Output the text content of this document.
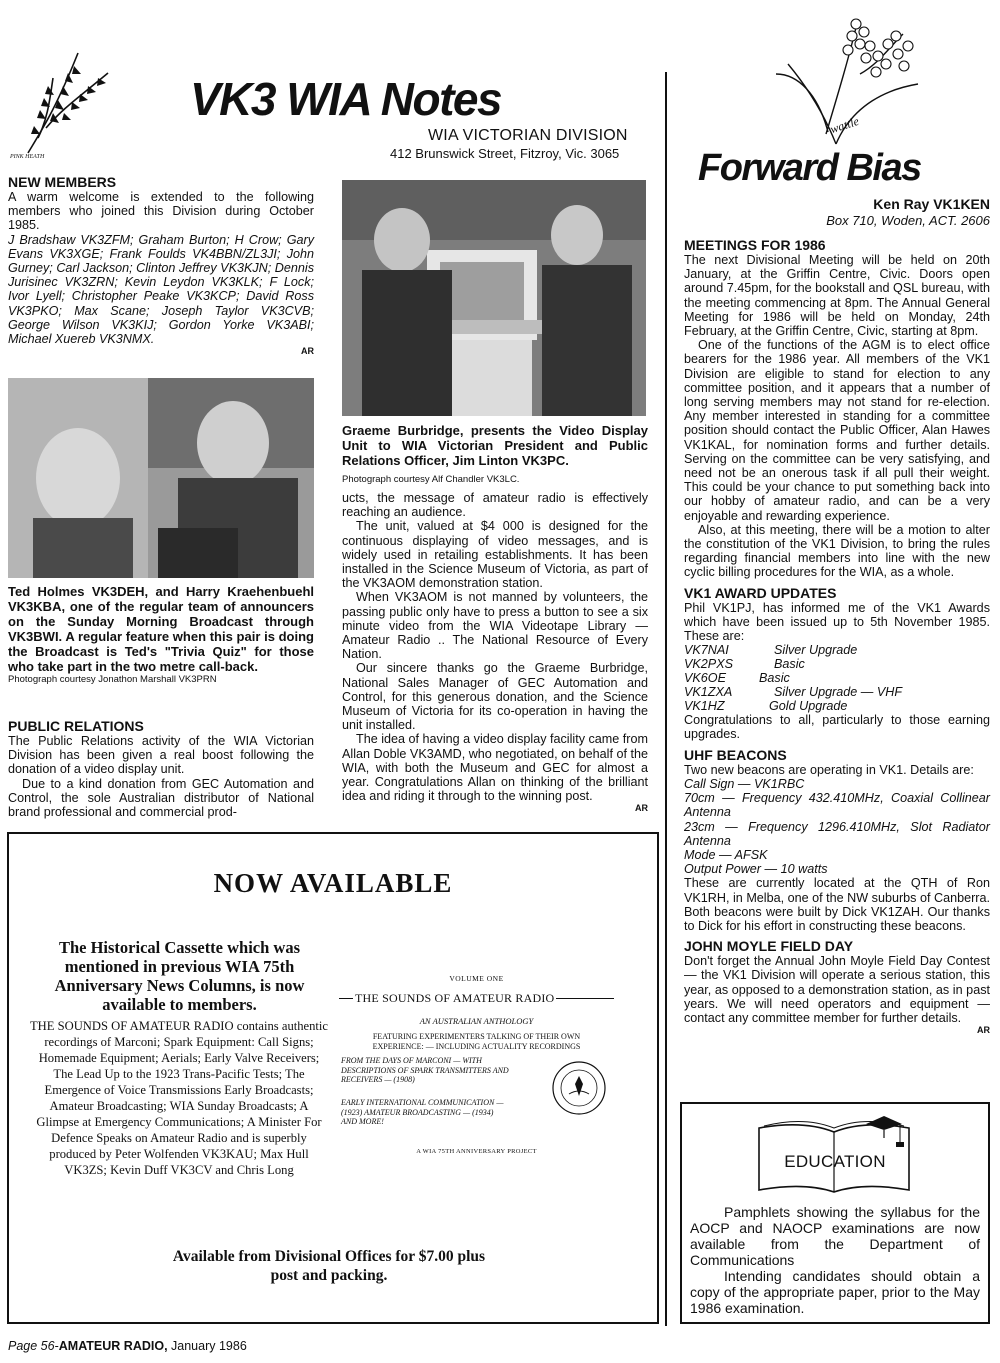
PINK HEATH
VK3 WIA Notes
WIA VICTORIAN DIVISION
412 Brunswick Street, Fitzroy, Vic. 3065
NEW MEMBERS

A warm welcome is extended to the following members who joined this Division during October 1985.

J Bradshaw VK3ZFM; Graham Burton; H Crow; Gary Evans VK3XGE; Frank Foulds VK4BBN/ZL3JI; John Gurney; Carl Jackson; Clinton Jeffrey VK3KJN; Dennis Jurisinec VK3ZRN; Kevin Leydon VK3KLK; F Lock; Ivor Lyell; Christopher Peake VK3KCP; David Ross VK3PKO; Max Scane; Joseph Taylor VK3CVB; George Wilson VK3KIJ; Gordon Yorke VK3ABI; Michael Xuereb VK3NMX.

AR

Ted Holmes VK3DEH, and Harry Kraehenbuehl VK3KBA, one of the regular team of announcers on the Sunday Morning Broadcast through VK3BWI. A regular feature when this pair is doing the Broadcast is Ted's "Trivia Quiz" for those who take part in the two metre call-back.

Photograph courtesy Jonathon Marshall VK3PRN

PUBLIC RELATIONS

The Public Relations activity of the WIA Victorian Division has been given a real boost following the donation of a video display unit.

Due to a kind donation from GEC Automation and Control, the sole Australian distributor of National brand professional and commercial prod-

Graeme Burbridge, presents the Video Display Unit to WIA Victorian President and Public Relations Officer, Jim Linton VK3PC.

Photograph courtesy Alf Chandler VK3LC.

ucts, the message of amateur radio is effectively reaching an audience.

The unit, valued at $4 000 is designed for the continuous displaying of video messages, and is widely used in retailing establishments. It has been installed in the Science Museum of Victoria, as part of the VK3AOM demonstration station.

When VK3AOM is not manned by volunteers, the passing public only have to press a button to see a six minute video from the WIA Videotape Library — Amateur Radio .. The National Resource of Every Nation.

Our sincere thanks go the Graeme Burbridge, National Sales Manager of GEC Automation and Control, for this generous donation, and the Science Museum of Victoria for its co-operation in having the unit installed.

The idea of having a video display facility came from Allan Doble VK3AMD, who negotiated, on behalf of the WIA, with both the Museum and GEC for almost a year. Congratulations Allan on thinking of the brilliant idea and riding it through to the winning post.

AR
NOW AVAILABLE
The Historical Cassette which was mentioned in previous WIA 75th Anniversary News Columns, is now available to members.
THE SOUNDS OF AMATEUR RADIO contains authentic recordings of Marconi; Spark Equipment: Call Signs; Homemade Equipment; Aerials; Early Valve Receivers; The Lead Up to the 1923 Trans-Pacific Tests; The Emergence of Voice Transmissions Early Broadcasts; Amateur Broadcasting; WIA Sunday Broadcasts; A Glimpse at Emergency Communications; A Minister For Defence Speaks on Amateur Radio and is superbly produced by Peter Wolfenden VK3KAU; Max Hull VK3ZS; Kevin Duff VK3CV and Chris Long
Available from Divisional Offices for $7.00 plus post and packing.
VOLUME ONE
THE SOUNDS OF AMATEUR RADIO
AN AUSTRALIAN ANTHOLOGY
FEATURING EXPERIMENTERS TALKING OF THEIR OWN EXPERIENCE: — INCLUDING ACTUALITY RECORDINGS
FROM THE DAYS OF MARCONI — WITH DESCRIPTIONS OF SPARK TRANSMITTERS AND RECEIVERS — (1908)
EARLY INTERNATIONAL COMMUNICATION — (1923) AMATEUR BROADCASTING — (1934) AND MORE!
A WIA 75TH ANNIVERSARY PROJECT
wattle
Forward Bias
Ken Ray VK1KEN
Box 710, Woden, ACT. 2606
MEETINGS FOR 1986

The next Divisional Meeting will be held on 20th January, at the Griffin Centre, Civic. Doors open around 7.45pm, for the bookstall and QSL bureau, with the meeting commencing at 8pm. The Annual General Meeting for 1986 will be held on Monday, 24th February, at the Griffin Centre, Civic, starting at 8pm.

One of the functions of the AGM is to elect office bearers for the 1986 year. All members of the VK1 Division are eligible to stand for election to any committee position, and it appears that a number of long serving members may not stand for re-election. Any member interested in standing for a committee position should contact the Public Officer, Alan Hawes VK1KAL, for nomination forms and further details. Serving on the committee can be very satisfying, and need not be an onerous task if all pull their weight. This could be your chance to put something back into our hobby of amateur radio, and can be a very enjoyable and rewarding experience.

Also, at this meeting, there will be a motion to alter the constitution of the VK1 Division, to bring the rules regarding financial members into line with the new cyclic billing procedures for the WIA, as a whole.

VK1 AWARD UPDATES

Phil VK1PJ, has informed me of the VK1 Awards which have been issued up to 5th November 1985. These are:

VK7NAI	Silver Upgrade
VK2PXS	Basic
VK6OE	Basic
VK1ZXA	Silver Upgrade — VHF
VK1HZ	Gold Upgrade

Congratulations to all, particularly to those earning upgrades.

UHF BEACONS

Two new beacons are operating in VK1. Details are:

Call Sign — VK1RBC

70cm — Frequency 432.410MHz, Coaxial Collinear Antenna

23cm — Frequency 1296.410MHz, Slot Radiator Antenna

Mode — AFSK

Output Power — 10 watts

These are currently located at the QTH of Ron VK1RH, in Melba, one of the NW suburbs of Canberra. Both beacons were built by Dick VK1ZAH. Our thanks to Dick for his effort in constructing these beacons.

JOHN MOYLE FIELD DAY

Don't forget the Annual John Moyle Field Day Contest — the VK1 Division will operate a serious station, this year, as opposed to a demonstration station, as in past years. We will need operators and equipment — contact any committee member for further details.

AR
EDUCATION

Pamphlets showing the syllabus for the AOCP and NAOCP examinations are now available from the Department of Communications

Intending candidates should obtain a copy of the appropriate paper, prior to the May 1986 examination.

Page 56-AMATEUR RADIO, January 1986
